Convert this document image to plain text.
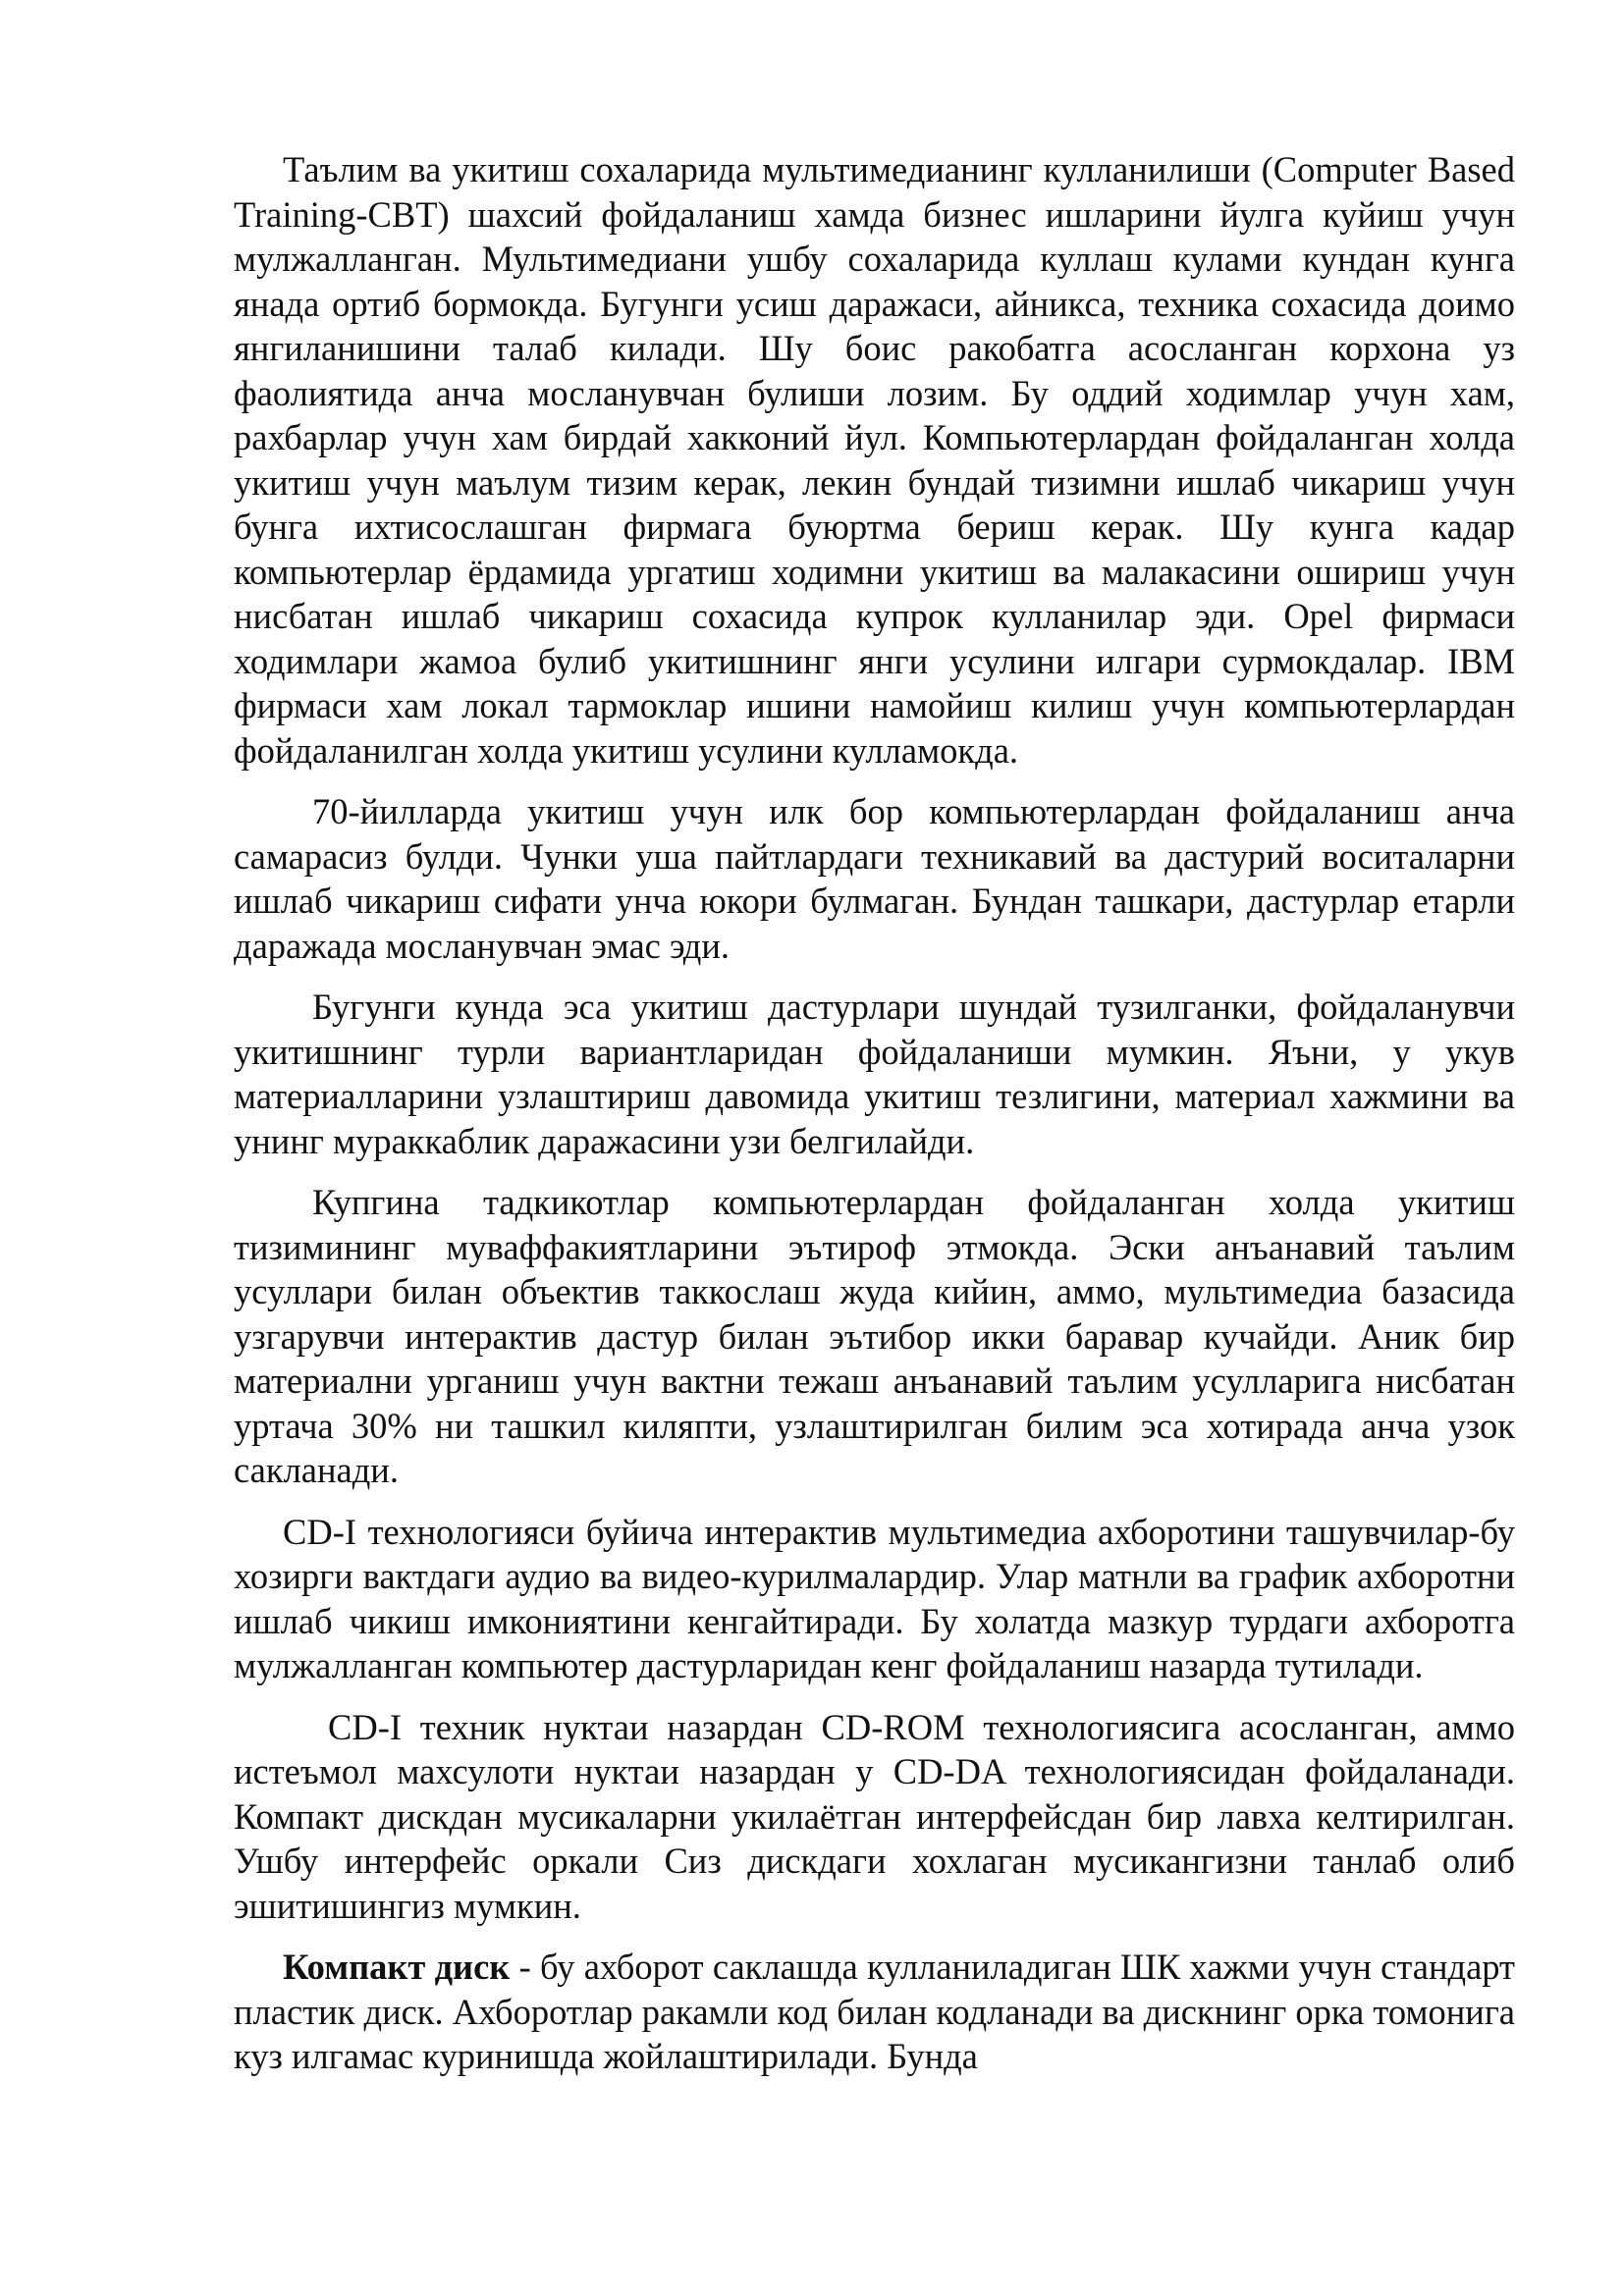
Таълим ва укитиш сохаларида мультимедианинг кулланилиши (Computer Based Training-CBT) шахсий фойдаланиш хамда бизнес ишларини йулга куйиш учун мулжалланган. Мультимедиани ушбу сохаларида куллаш кулами кундан кунга янада ортиб бормокда. Бугунги усиш даражаси, айникса, техника сохасида доимо янгиланишини талаб килади. Шу боис ракобатга асосланган корхона уз фаолиятида анча мосланувчан булиши лозим. Бу оддий ходимлар учун хам, рахбарлар учун хам бирдай хакконий йул. Компьютерлардан фойдаланган холда укитиш учун маълум тизим керак, лекин бундай тизимни ишлаб чикариш учун бунга ихтисослашган фирмага буюртма бериш керак. Шу кунга кадар компьютерлар ёрдамида ургатиш ходимни укитиш ва малакасини ошириш учун нисбатан ишлаб чикариш сохасида купрок кулланилар эди. Opel фирмаси ходимлари жамоа булиб укитишнинг янги усулини илгари сурмокдалар. IBM фирмаси хам локал тармоклар ишини намойиш килиш учун компьютерлардан фойдаланилган холда укитиш усулини кулламокда.

70-йилларда укитиш учун илк бор компьютерлардан фойдаланиш анча самарасиз булди. Чунки уша пайтлардаги техникавий ва дастурий воситаларни ишлаб чикариш сифати унча юкори булмаган. Бундан ташкари, дастурлар етарли даражада мосланувчан эмас эди.

Бугунги кунда эса укитиш дастурлари шундай тузилганки, фойдаланувчи укитишнинг турли вариантларидан фойдаланиши мумкин. Яъни, у укув материалларини узлаштириш давомида укитиш тезлигини, материал хажмини ва унинг мураккаблик даражасини узи белгилайди.

Купгина тадкикотлар компьютерлардан фойдаланган холда укитиш тизимининг муваффакиятларини эътироф этмокда. Эски анъанавий таълим усуллари билан объектив таккослаш жуда кийин, аммо, мультимедиа базасида узгарувчи интерактив дастур билан эътибор икки баравар кучайди. Аник бир материални урганиш учун вактни тежаш анъанавий таълим усулларига нисбатан уртача 30% ни ташкил киляпти, узлаштирилган билим эса хотирада анча узок сакланади.

CD-I технологияси буйича интерактив мультимедиа ахборотини ташувчилар-бу хозирги вактдаги аудио ва видео-курилмалардир. Улар матнли ва график ахборотни ишлаб чикиш имкониятини кенгайтиради. Бу холатда мазкур турдаги ахборотга мулжалланган компьютер дастурларидан кенг фойдаланиш назарда тутилади.

CD-I техник нуктаи назардан CD-ROM технологиясига асосланган, аммо истеъмол махсулоти нуктаи назардан у CD-DA технологиясидан фойдаланади. Компакт дискдан мусикаларни укилаётган интерфейсдан бир лавха келтирилган. Ушбу интерфейс оркали Сиз дискдаги хохлаган мусикангизни танлаб олиб эшитишингиз мумкин.

Компакт диск - бу ахборот саклашда кулланиладиган ШК хажми учун стандарт пластик диск. Ахборотлар ракамли код билан кодланади ва дискнинг орка томонига куз илгамас куринишда жойлаштирилади. Бунда
